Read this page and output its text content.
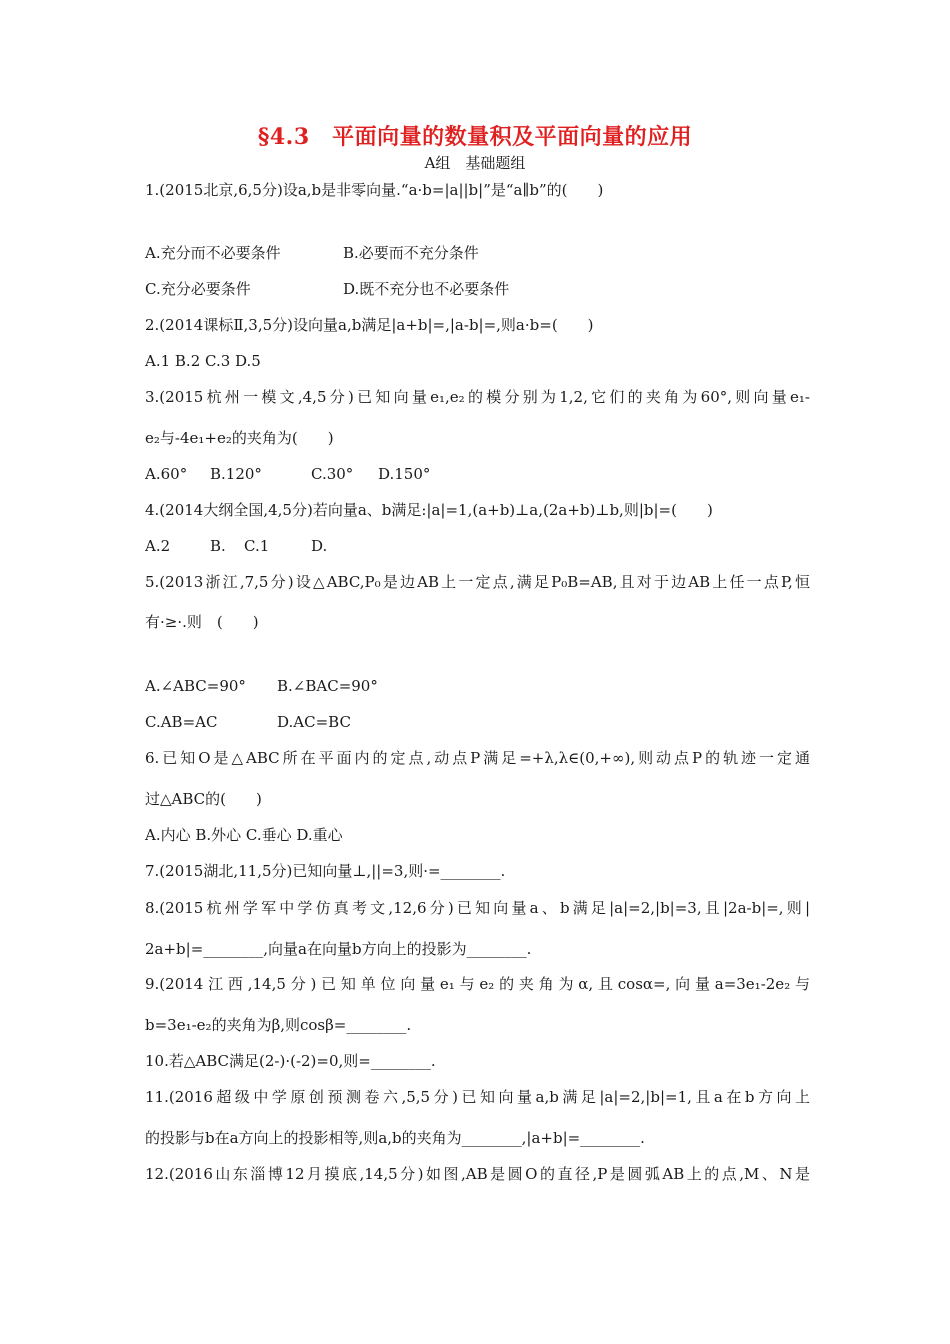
§4.3　平面向量的数量积及平面向量的应用
A组　基础题组
1.(2015北京,6,5分)设a,b是非零向量.“a·b=|a||b|”是“a∥b”的(　　)
A.充分而不必要条件	B.必要而不充分条件
C.充分必要条件	D.既不充分也不必要条件
2.(2014课标Ⅱ,3,5分)设向量a,b满足|a+b|=,|a-b|=,则a·b=(　　)
A.1 B.2 C.3 D.5
3.(2015杭州一模文,4,5分)已知向量e₁,e₂的模分别为1,2,它们的夹角为60°,则向量e₁-
e₂与-4e₁+e₂的夹角为(　　)
A.60° B.120°	C.30° D.150°
4.(2014大纲全国,4,5分)若向量a、b满足:|a|=1,(a+b)⊥a,(2a+b)⊥b,则|b|=(　　)
A.2	B. C.1	D.
5.(2013浙江,7,5分)设△ABC,P₀是边AB上一定点,满足P₀B=AB,且对于边AB上任一点P,恒
有·≥·.则　(　　)
A.∠ABC=90° B.∠BAC=90°
C.AB=AC	D.AC=BC
6.已知O是△ABC所在平面内的定点,动点P满足=+λ,λ∈(0,+∞),则动点P的轨迹一定通
过△ABC的(　　)
A.内心 B.外心 C.垂心 D.重心
7.(2015湖北,11,5分)已知向量⊥,||=3,则·=________.
8.(2015杭州学军中学仿真考文,12,6分)已知向量a、b满足|a|=2,|b|=3,且|2a-b|=,则|
2a+b|=________,向量a在向量b方向上的投影为________.
9.(2014江西,14,5分)已知单位向量e₁与e₂的夹角为α,且cosα=,向量a=3e₁-2e₂与
b=3e₁-e₂的夹角为β,则cosβ=________.
10.若△ABC满足(2-)·(-2)=0,则=________.
11.(2016超级中学原创预测卷六,5,5分)已知向量a,b满足|a|=2,|b|=1,且a在b方向上
的投影与b在a方向上的投影相等,则a,b的夹角为________,|a+b|=________.
12.(2016山东淄博12月摸底,14,5分)如图,AB是圆O的直径,P是圆弧AB上的点,M、N是
